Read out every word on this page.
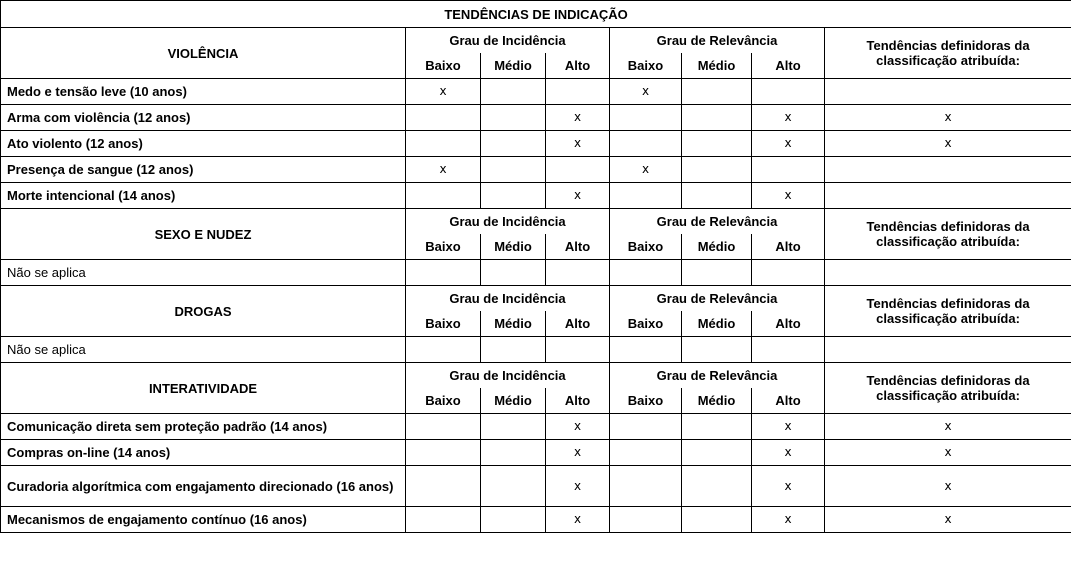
TENDÊNCIAS DE INDICAÇÃO							
VIOLÊNCIA	Grau de Incidência			Grau de Relevância			Tendências definidoras da classificação atribuída:
	Baixo	Médio	Alto	Baixo	Médio	Alto	
Medo e tensão leve (10 anos)	x			x			
Arma com violência (12 anos)			x			x	x
Ato violento (12 anos)			x			x	x
Presença de sangue (12 anos)	x			x			
Morte intencional (14 anos)			x			x	
SEXO E NUDEZ	Grau de Incidência			Grau de Relevância			Tendências definidoras da classificação atribuída:
	Baixo	Médio	Alto	Baixo	Médio	Alto	
Não se aplica							
DROGAS	Grau de Incidência			Grau de Relevância			Tendências definidoras da classificação atribuída:
	Baixo	Médio	Alto	Baixo	Médio	Alto	
Não se aplica							
INTERATIVIDADE	Grau de Incidência			Grau de Relevância			Tendências definidoras da classificação atribuída:
	Baixo	Médio	Alto	Baixo	Médio	Alto	
Comunicação direta sem proteção padrão (14 anos)			x			x	x
Compras on-line (14 anos)			x			x	x
Curadoria algorítmica com engajamento direcionado (16 anos)			x			x	x
Mecanismos de engajamento contínuo (16 anos)			x			x	x
